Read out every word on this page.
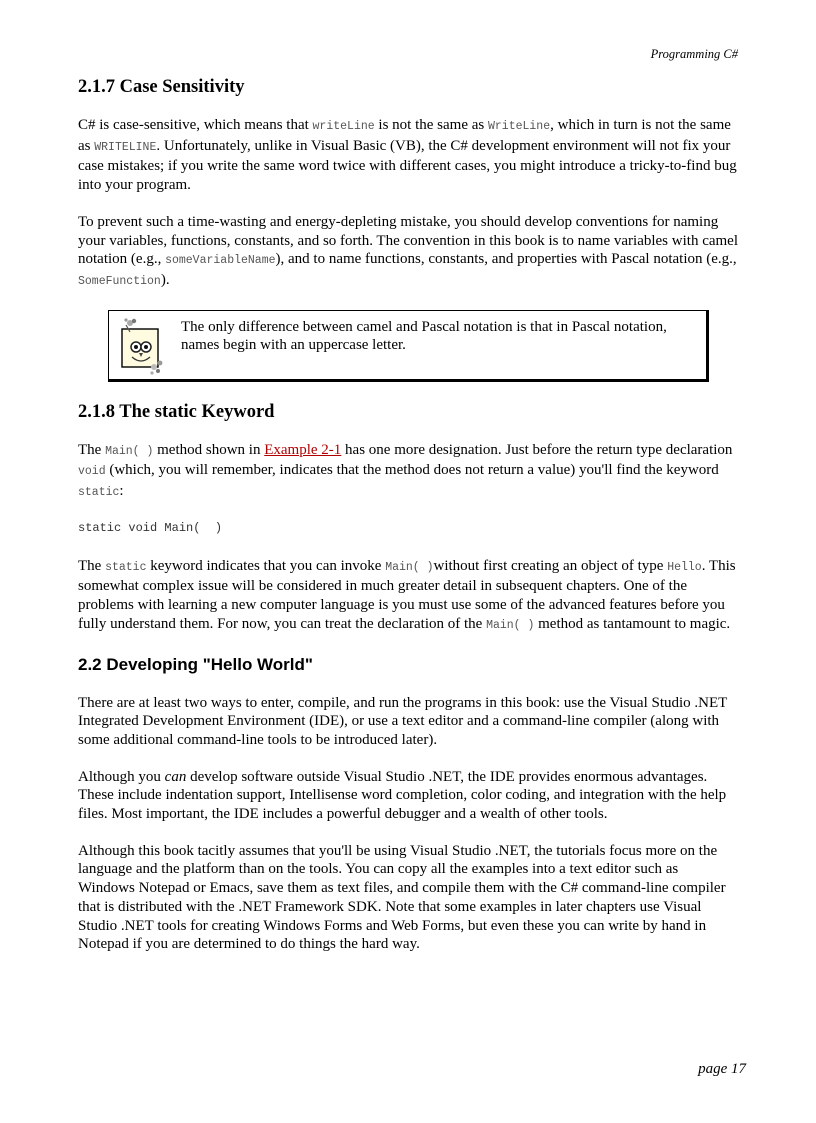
Programming C#
2.1.7 Case Sensitivity

C# is case-sensitive, which means that writeLine is not the same as WriteLine, which in turn is not the same as WRITELINE. Unfortunately, unlike in Visual Basic (VB), the C# development environment will not fix your case mistakes; if you write the same word twice with different cases, you might introduce a tricky-to-find bug into your program.

To prevent such a time-wasting and energy-depleting mistake, you should develop conventions for naming your variables, functions, constants, and so forth. The convention in this book is to name variables with camel notation (e.g., someVariableName), and to name functions, constants, and properties with Pascal notation (e.g., SomeFunction).

The only difference between camel and Pascal notation is that in Pascal notation, names begin with an uppercase letter.
2.1.8 The static Keyword

The Main( ) method shown in Example 2-1 has one more designation. Just before the return type declaration void (which, you will remember, indicates that the method does not return a value) you'll find the keyword static:

static void Main(  )

The static keyword indicates that you can invoke Main( )without first creating an object of type Hello. This somewhat complex issue will be considered in much greater detail in subsequent chapters. One of the problems with learning a new computer language is you must use some of the advanced features before you fully understand them. For now, you can treat the declaration of the Main( ) method as tantamount to magic.

2.2 Developing "Hello World"

There are at least two ways to enter, compile, and run the programs in this book: use the Visual Studio .NET Integrated Development Environment (IDE), or use a text editor and a command-line compiler (along with some additional command-line tools to be introduced later).

Although you can develop software outside Visual Studio .NET, the IDE provides enormous advantages. These include indentation support, Intellisense word completion, color coding, and integration with the help files. Most important, the IDE includes a powerful debugger and a wealth of other tools.

Although this book tacitly assumes that you'll be using Visual Studio .NET, the tutorials focus more on the language and the platform than on the tools. You can copy all the examples into a text editor such as Windows Notepad or Emacs, save them as text files, and compile them with the C# command-line compiler that is distributed with the .NET Framework SDK. Note that some examples in later chapters use Visual Studio .NET tools for creating Windows Forms and Web Forms, but even these you can write by hand in Notepad if you are determined to do things the hard way.

page 17
